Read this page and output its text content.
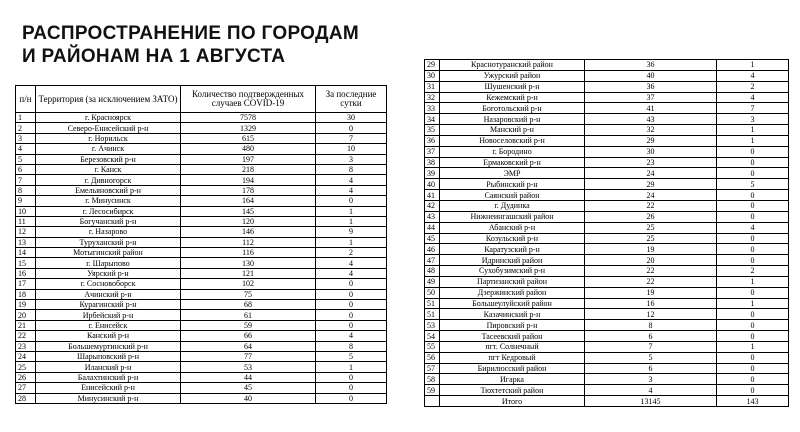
РАСПРОСТРАНЕНИЕ ПО ГОРОДАМ
И РАЙОНАМ НА 1 АВГУСТА
п/н	Территория (за исключением ЗАТО)	Количество подтвержденных случаев COVID-19	За последние сутки
1	г. Красноярск	7578	30
2	Северо-Енисейский р-н	1329	0
3	г. Норильск	615	7
4	г. Ачинск	480	10
5	Березовский р-н	197	3
6	г. Канск	218	8
7	г. Дивногорск	194	4
8	Емельяновский р-н	178	4
9	г. Минусинск	164	0
10	г. Лесосибирск	145	1
11	Богучанский р-н	120	1
12	г. Назарово	146	9
13	Туруханский р-н	112	1
14	Мотыгинский район	116	2
15	г. Шарыпово	130	4
16	Уярский р-н	121	4
17	г. Сосновоборск	102	0
18	Ачинский р-н	75	0
19	Курагинский р-н	68	0
20	Ирбейский р-н	61	0
21	г. Енисейск	59	0
22	Канский р-н	66	4
23	Большемуртинский р-н	64	8
24	Шарыповский р-н	77	5
25	Иланский р-н	53	1
26	Балахтинский р-н	44	0
27	Енисейский р-н	45	0
28	Минусинский р-н	40	0
29	Краснотуранский район	36	1
30	Ужурский район	40	4
31	Шушенский р-н	36	2
32	Кежемский р-н	37	4
33	Боготольский р-н	41	7
34	Назаровский р-н	43	3
35	Манский р-н	32	1
36	Новоселовский р-н	29	1
37	г. Бородино	30	0
38	Ермаковский р-н	23	0
39	ЭМР	24	0
40	Рыбинский р-н	29	5
41	Саянский район	24	0
42	г. Дудинка	22	0
43	Нижнеингашский район	26	0
44	Абанский р-н	25	4
45	Козульский р-н	25	0
46	Каратузский р-н	19	0
47	Идринский район	20	0
48	Сухобузимский р-н	22	2
49	Партизанский район	22	1
50	Дзержинский район	19	0
51	Большеулуйский район	16	1
51	Казачинский р-н	12	0
53	Пировский р-н	8	0
54	Тасеевский район	6	0
55	пгт. Солнечный	7	1
56	пгт Кедровый	5	0
57	Бирилюсский район	6	0
58	Игарка	3	0
59	Тюхтетский район	4	0
	Итого	13145	143
